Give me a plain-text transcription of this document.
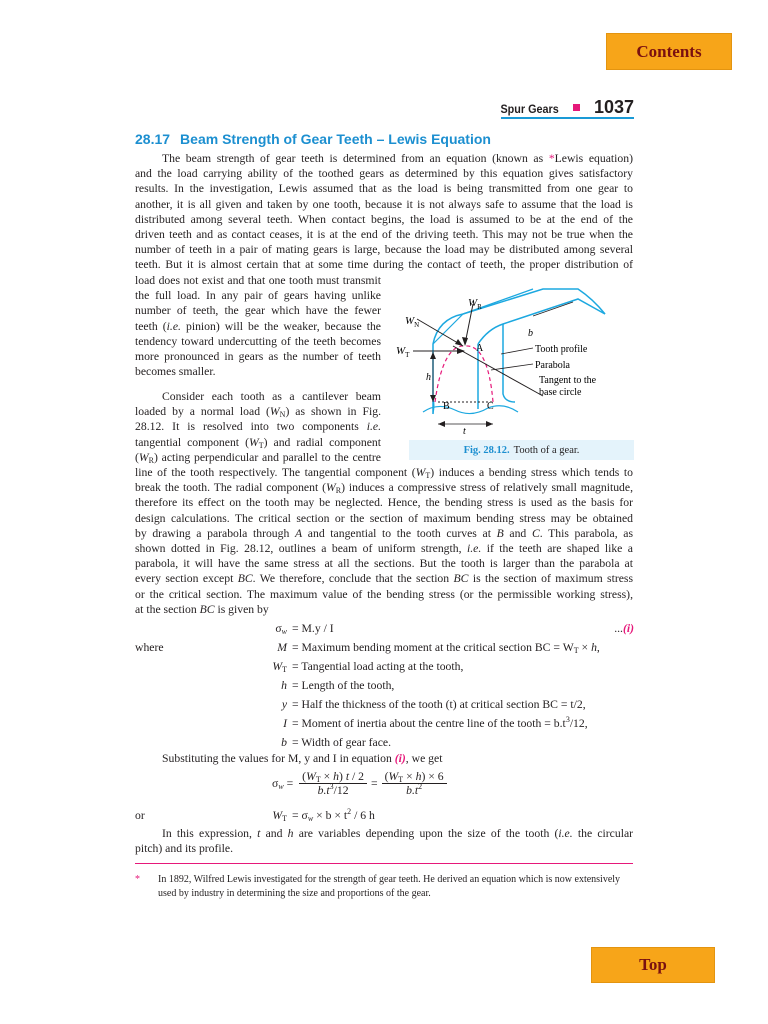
Contents
Top
Spur Gears 1037
28.17 Beam Strength of Gear Teeth – Lewis Equation
The beam strength of gear teeth is determined from an equation (known as *Lewis equation)
and the load carrying ability of the toothed gears as determined by this equation gives satisfactory
results. In the investigation, Lewis assumed that as the load is being transmitted from one gear to
another, it is all given and taken by one tooth, because it is not always safe to assume that the load is
distributed among several teeth. When contact begins, the load is assumed to be at the end of the
driven teeth and as contact ceases, it is at the end of the driving teeth. This may not be true when the
number of teeth in a pair of mating gears is large, because the load may be distributed among several
teeth. But it is almost certain that at some time during the contact of teeth, the proper distribution of
load does not exist and that one tooth must transmit
the full load. In any pair of gears having unlike
number of teeth, the gear which have the fewer
teeth (i.e. pinion) will be the weaker, because the
tendency toward undercutting of the teeth becomes
more pronounced in gears as the number of teeth
becomes smaller.
Consider each tooth as a cantilever beam
loaded by a normal load $(W_N)$ as shown in Fig.
28.12. It is resolved into two components i.e.
tangential component $(W_T)$ and radial component
$(W_R)$ acting perpendicular and parallel to the centre
line of the tooth respectively. The tangential component $(W_T)$ induces a bending stress which tends to
break the tooth. The radial component $(W_R)$ induces a compressive stress of relatively small magnitude,
therefore its effect on the tooth may be neglected. Hence, the bending stress is used as the basis for
design calculations. The critical section or the section of maximum bending stress may be obtained
by drawing a parabola through A and tangential to the tooth curves at B and C. This parabola, as
shown dotted in Fig. 28.12, outlines a beam of uniform strength, i.e. if the teeth are shaped like a
parabola, it will have the same stress at all the sections. But the tooth is larger than the parabola at
every section except BC. We therefore, conclude that the section BC is the section of maximum stress
or the critical section. The maximum value of the bending stress (or the permissible working stress),
at the section BC is given by
$W_R$
$W_N$
$W_T$
b
A
h
B	C
t
Tooth profile
Parabola
Tangent to the
base circle
Fig. 28.12. Tooth of a gear.
$\sigma_w = M.y / I$	...(i)
where	M = Maximum bending moment at the critical section BC = $W_T \times h$,
$W_T$ = Tangential load acting at the tooth,
h = Length of the tooth,
y = Half the thickness of the tooth (t) at critical section BC = t/2,
I = Moment of inertia about the centre line of the tooth = $b.t^3/12$,
b = Width of gear face.
Substituting the values for M, y and I in equation (i), we get
$\sigma_w = \frac{(W_T \times h) t / 2}{b.t^3/12} = \frac{(W_T \times h) \times 6}{b.t^2}$
or	$W_T = \sigma_w \times b \times t^2 / 6$ h
In this expression, t and h are variables depending upon the size of the tooth (i.e. the circular
pitch) and its profile.
* In 1892, Wilfred Lewis investigated for the strength of gear teeth. He derived an equation which is now extensively used by industry in determining the size and proportions of the gear.
